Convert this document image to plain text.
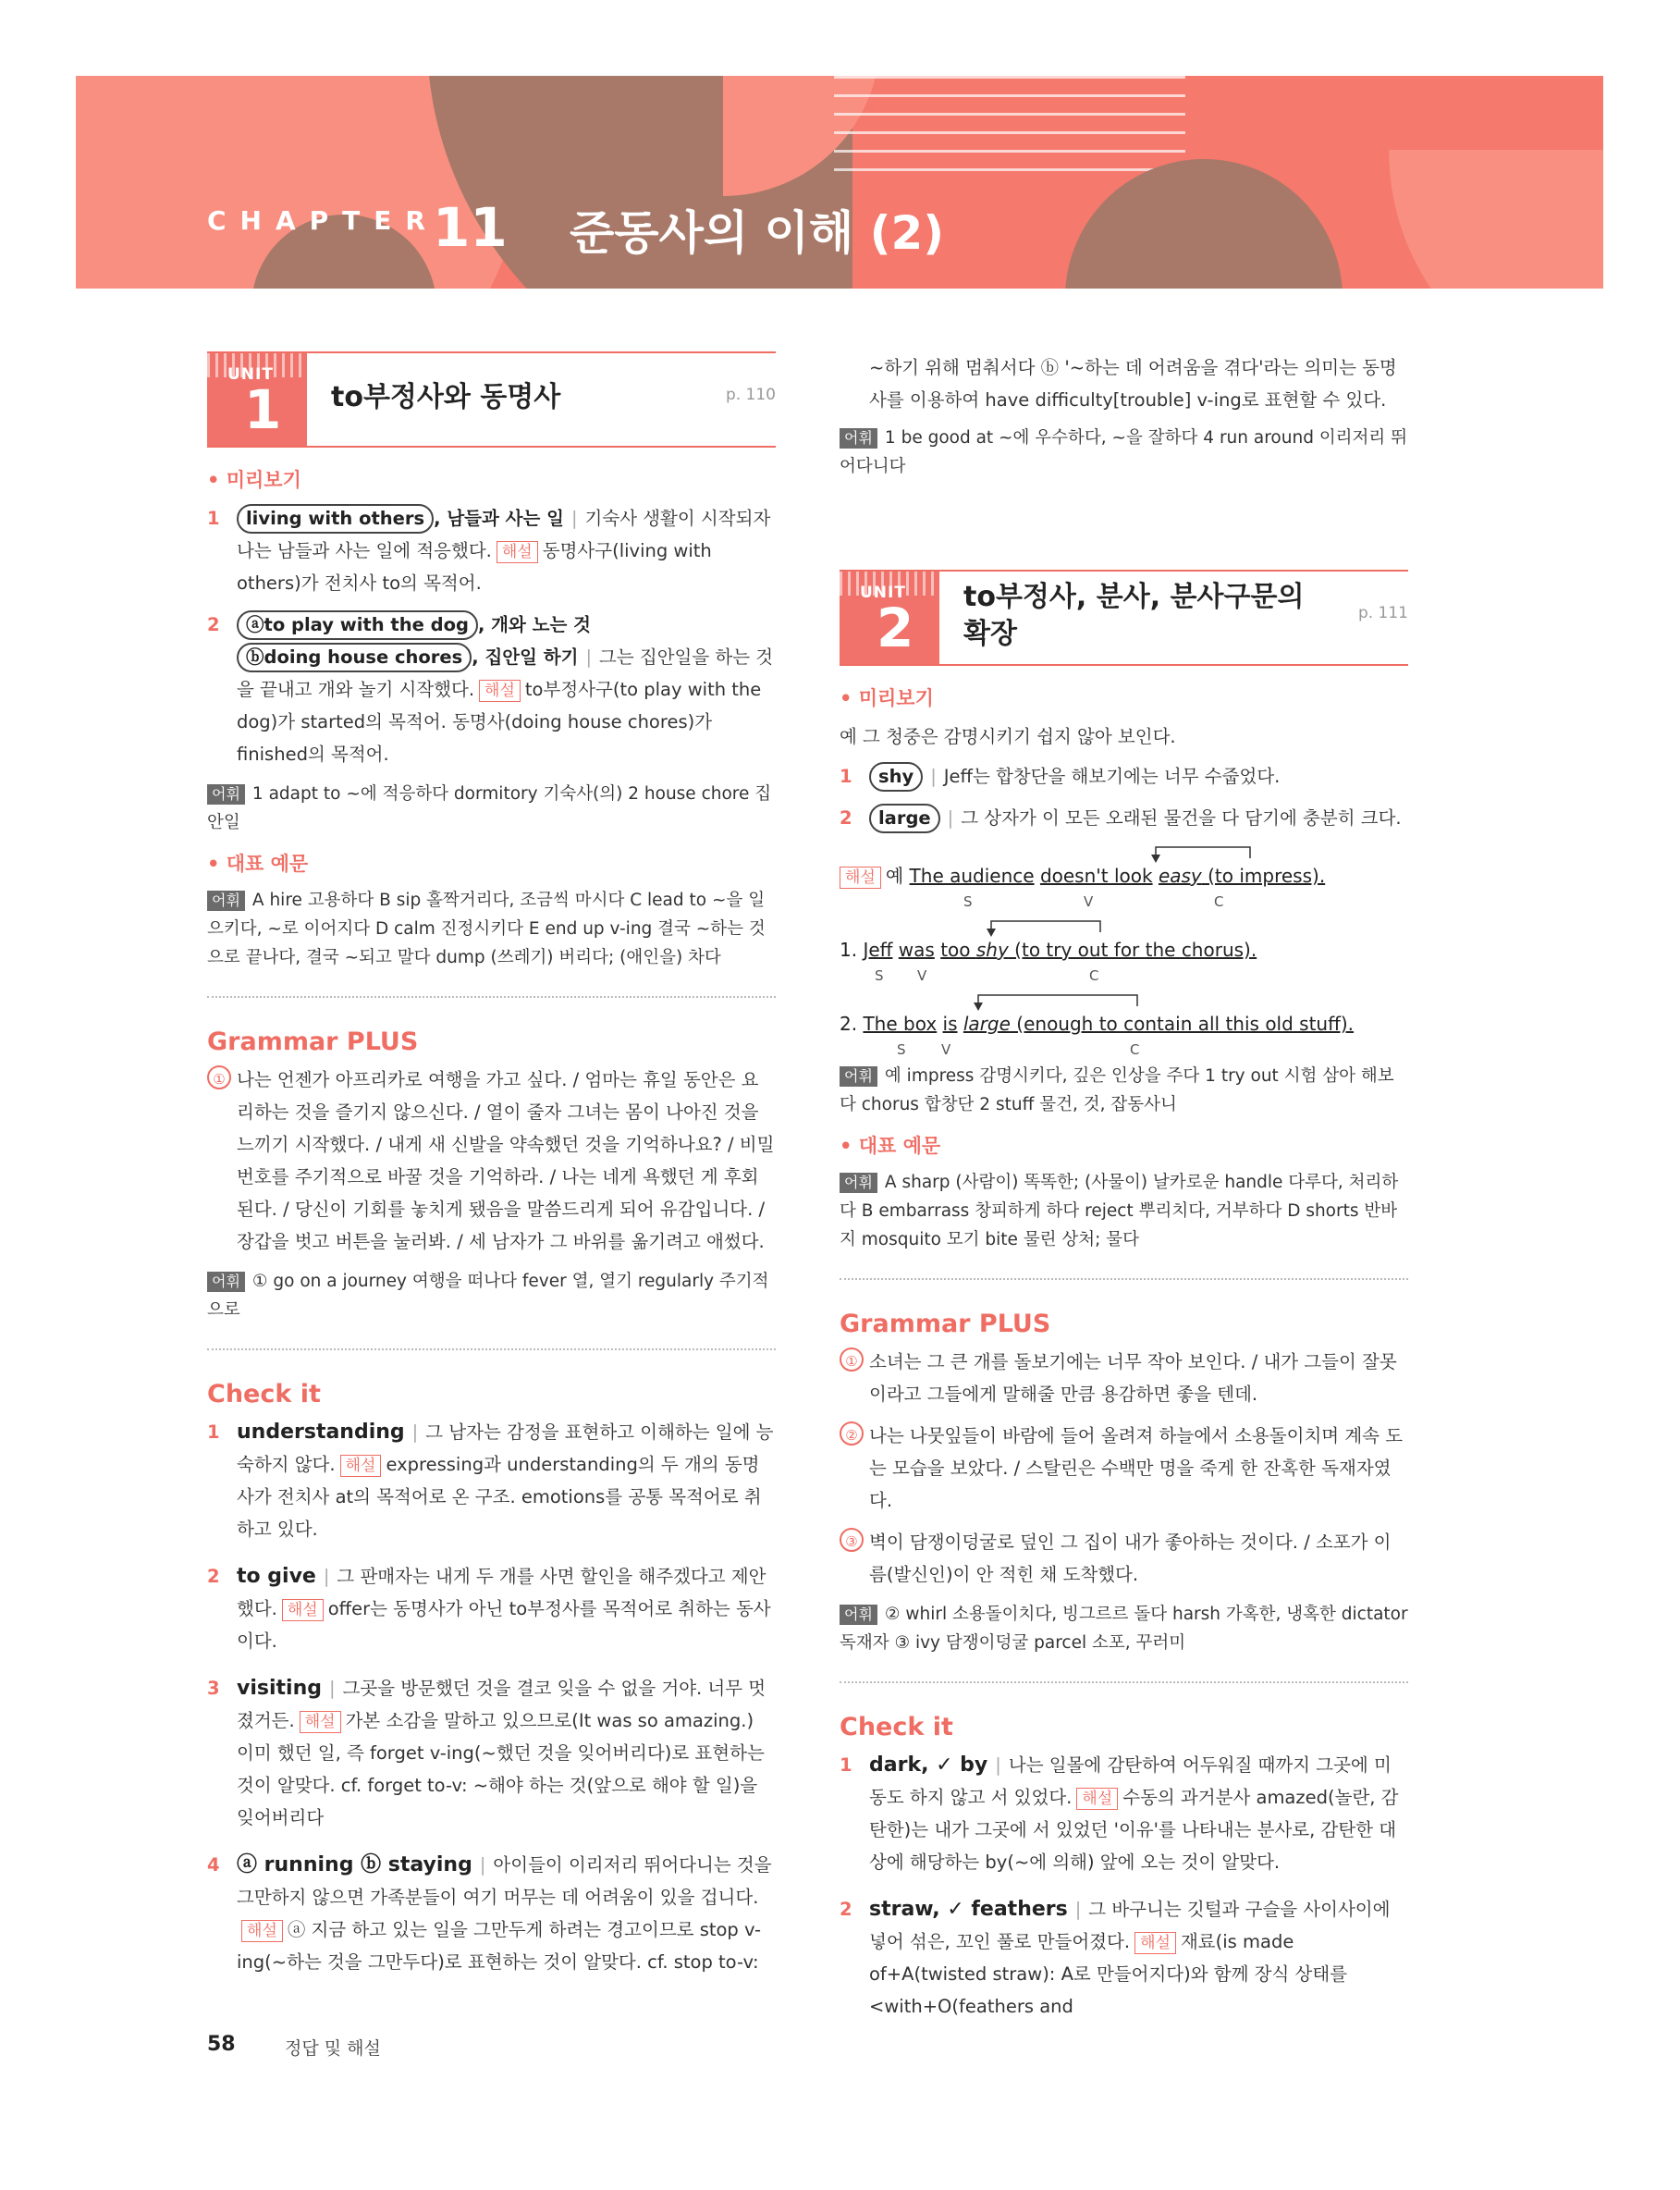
CHAPTER
11 준동사의 이해 (2)
UNIT
1 to부정사와 동명사	p. 110
• 미리보기
1 living with others , 남들과 사는 일 | 기숙사 생활이 시작되자 나는 남들과 사는 일에 적응했다. 해설 동명사구(living with others)가 전치사 to의 목적어.
2 ⓐto play with the dog , 개와 노는 것
ⓑdoing house chores , 집안일 하기 | 그는 집안일을 하는 것을 끝내고 개와 놀기 시작했다. 해설 to부정사구(to play with the dog)가 started의 목적어. 동명사(doing house chores)가 finished의 목적어.
어휘 1 adapt to ~에 적응하다 dormitory 기숙사(의) 2 house chore 집안일
• 대표 예문
어휘 A hire 고용하다 B sip 홀짝거리다, 조금씩 마시다 C lead to ~을 일으키다, ~로 이어지다 D calm 진정시키다 E end up v-ing 결국 ~하는 것으로 끝나다, 결국 ~되고 말다 dump (쓰레기) 버리다; (애인을) 차다
Grammar PLUS
① 나는 언젠가 아프리카로 여행을 가고 싶다. / 엄마는 휴일 동안은 요리하는 것을 즐기지 않으신다. / 열이 줄자 그녀는 몸이 나아진 것을 느끼기 시작했다. / 내게 새 신발을 약속했던 것을 기억하나요? / 비밀번호를 주기적으로 바꿀 것을 기억하라. / 나는 네게 욕했던 게 후회된다. / 당신이 기회를 놓치게 됐음을 말씀드리게 되어 유감입니다. / 장갑을 벗고 버튼을 눌러봐. / 세 남자가 그 바위를 옮기려고 애썼다.
어휘 ① go on a journey 여행을 떠나다 fever 열, 열기 regularly 주기적으로
Check it
1 understanding | 그 남자는 감정을 표현하고 이해하는 일에 능숙하지 않다. 해설 expressing과 understanding의 두 개의 동명사가 전치사 at의 목적어로 온 구조. emotions를 공통 목적어로 취하고 있다.
2 to give | 그 판매자는 내게 두 개를 사면 할인을 해주겠다고 제안했다. 해설 offer는 동명사가 아닌 to부정사를 목적어로 취하는 동사이다.
3 visiting | 그곳을 방문했던 것을 결코 잊을 수 없을 거야. 너무 멋졌거든. 해설 가본 소감을 말하고 있으므로(It was so amazing.) 이미 했던 일, 즉 forget v-ing(~했던 것을 잊어버리다)로 표현하는 것이 알맞다. cf. forget to-v: ~해야 하는 것(앞으로 해야 할 일)을 잊어버리다
4 ⓐ running ⓑ staying | 아이들이 이리저리 뛰어다니는 것을 그만하지 않으면 가족분들이 여기 머무는 데 어려움이 있을 겁니다.해설 ⓐ 지금 하고 있는 일을 그만두게 하려는 경고이므로 stop v-ing(~하는 것을 그만두다)로 표현하는 것이 알맞다. cf. stop to-v:
~하기 위해 멈춰서다 ⓑ '~하는 데 어려움을 겪다'라는 의미는 동명사를 이용하여 have difficulty[trouble] v-ing로 표현할 수 있다.
어휘 1 be good at ~에 우수하다, ~을 잘하다 4 run around 이리저리 뛰어다니다
UNIT
2 to부정사, 분사, 분사구문의
확장
p. 111
• 미리보기
예 그 청중은 감명시키기 쉽지 않아 보인다.
1 shy | Jeff는 합창단을 해보기에는 너무 수줍었다.
2 large | 그 상자가 이 모든 오래된 물건을 다 담기에 충분히 크다.
해설 예 The audience doesn't look easy (to impress).
S	V	C
1. Jeff was too shy (to try out for the chorus).
S V	C
2. The box is large (enough to contain all this old stuff).
S	V	C
어휘 예 impress 감명시키다, 깊은 인상을 주다 1 try out 시험 삼아 해보다 chorus 합창단 2 stuff 물건, 것, 잡동사니
• 대표 예문
어휘 A sharp (사람이) 똑똑한; (사물이) 날카로운 handle 다루다, 처리하다 B embarrass 창피하게 하다 reject 뿌리치다, 거부하다 D shorts 반바지 mosquito 모기 bite 물린 상처; 물다
Grammar PLUS
① 소녀는 그 큰 개를 돌보기에는 너무 작아 보인다. / 내가 그들이 잘못이라고 그들에게 말해줄 만큼 용감하면 좋을 텐데.
② 나는 나뭇잎들이 바람에 들어 올려져 하늘에서 소용돌이치며 계속 도는 모습을 보았다. / 스탈린은 수백만 명을 죽게 한 잔혹한 독재자였다.
③ 벽이 담쟁이덩굴로 덮인 그 집이 내가 좋아하는 것이다. / 소포가 이름(발신인)이 안 적힌 채 도착했다.
어휘 ② whirl 소용돌이치다, 빙그르르 돌다 harsh 가혹한, 냉혹한 dictator 독재자 ③ ivy 담쟁이덩굴 parcel 소포, 꾸러미
Check it
1 dark, ✓ by | 나는 일몰에 감탄하여 어두워질 때까지 그곳에 미동도 하지 않고 서 있었다. 해설 수동의 과거분사 amazed(놀란, 감탄한)는 내가 그곳에 서 있었던 '이유'를 나타내는 분사로, 감탄한 대상에 해당하는 by(~에 의해) 앞에 오는 것이 알맞다.
2 straw, ✓ feathers | 그 바구니는 깃털과 구슬을 사이사이에 넣어 섞은, 꼬인 풀로 만들어졌다. 해설 재료(is made of+A(twisted straw): A로 만들어지다)와 함께 장식 상태를 <with+O(feathers and
58	정답 및 해설
